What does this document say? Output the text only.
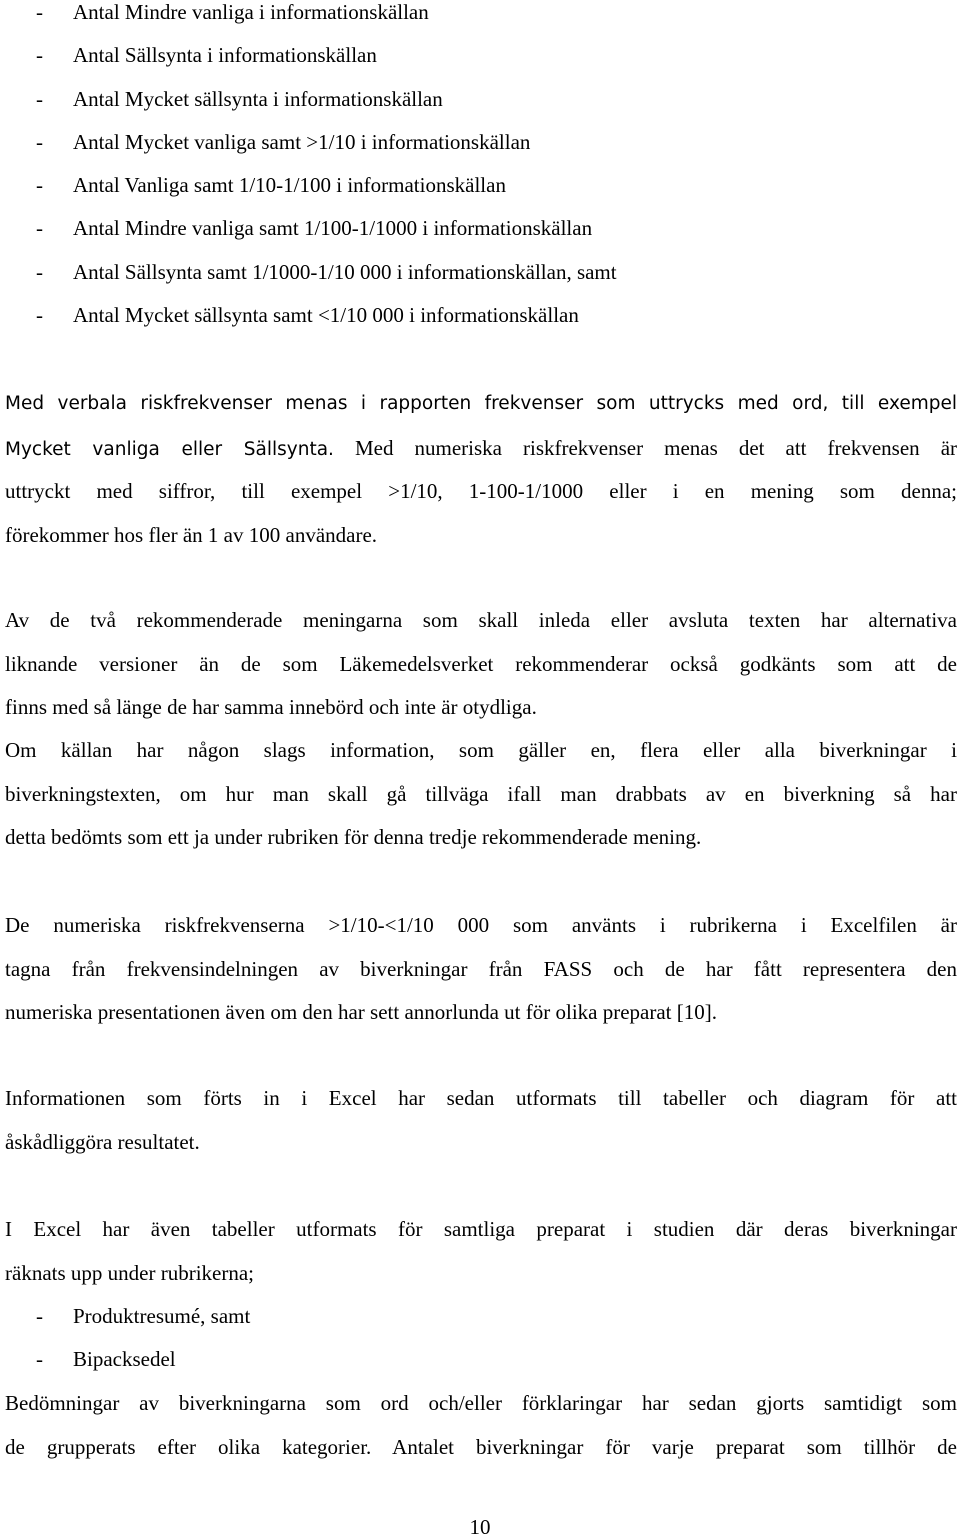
- Antal Mindre vanliga i informationskällan
- Antal Sällsynta i informationskällan
- Antal Mycket sällsynta i informationskällan
- Antal Mycket vanliga samt >1/10 i informationskällan
- Antal Vanliga samt 1/10-1/100 i informationskällan
- Antal Mindre vanliga samt 1/100-1/1000 i informationskällan
- Antal Sällsynta samt 1/1000-1/10 000 i informationskällan, samt
- Antal Mycket sällsynta samt <1/10 000 i informationskällan
Med verbala riskfrekvenser menas i rapporten frekvenser som uttrycks med ord, till exempel
Mycket vanliga eller Sällsynta. Med numeriska riskfrekvenser menas det att frekvensen är
uttryckt med siffror, till exempel >1/10, 1-100-1/1000 eller i en mening som denna;
förekommer hos fler än 1 av 100 användare.
Av de två rekommenderade meningarna som skall inleda eller avsluta texten har alternativa
liknande versioner än de som Läkemedelsverket rekommenderar också godkänts som att de
finns med så länge de har samma innebörd och inte är otydliga.
Om källan har någon slags information, som gäller en, flera eller alla biverkningar i
biverkningstexten, om hur man skall gå tillväga ifall man drabbats av en biverkning så har
detta bedömts som ett ja under rubriken för denna tredje rekommenderade mening.
De numeriska riskfrekvenserna >1/10-<1/10 000 som använts i rubrikerna i Excelfilen är
tagna från frekvensindelningen av biverkningar från FASS och de har fått representera den
numeriska presentationen även om den har sett annorlunda ut för olika preparat [10].
Informationen som förts in i Excel har sedan utformats till tabeller och diagram för att
åskådliggöra resultatet.
I Excel har även tabeller utformats för samtliga preparat i studien där deras biverkningar
räknats upp under rubrikerna;
- Produktresumé, samt
- Bipacksedel
Bedömningar av biverkningarna som ord och/eller förklaringar har sedan gjorts samtidigt som
de grupperats efter olika kategorier. Antalet biverkningar för varje preparat som tillhör de
10
